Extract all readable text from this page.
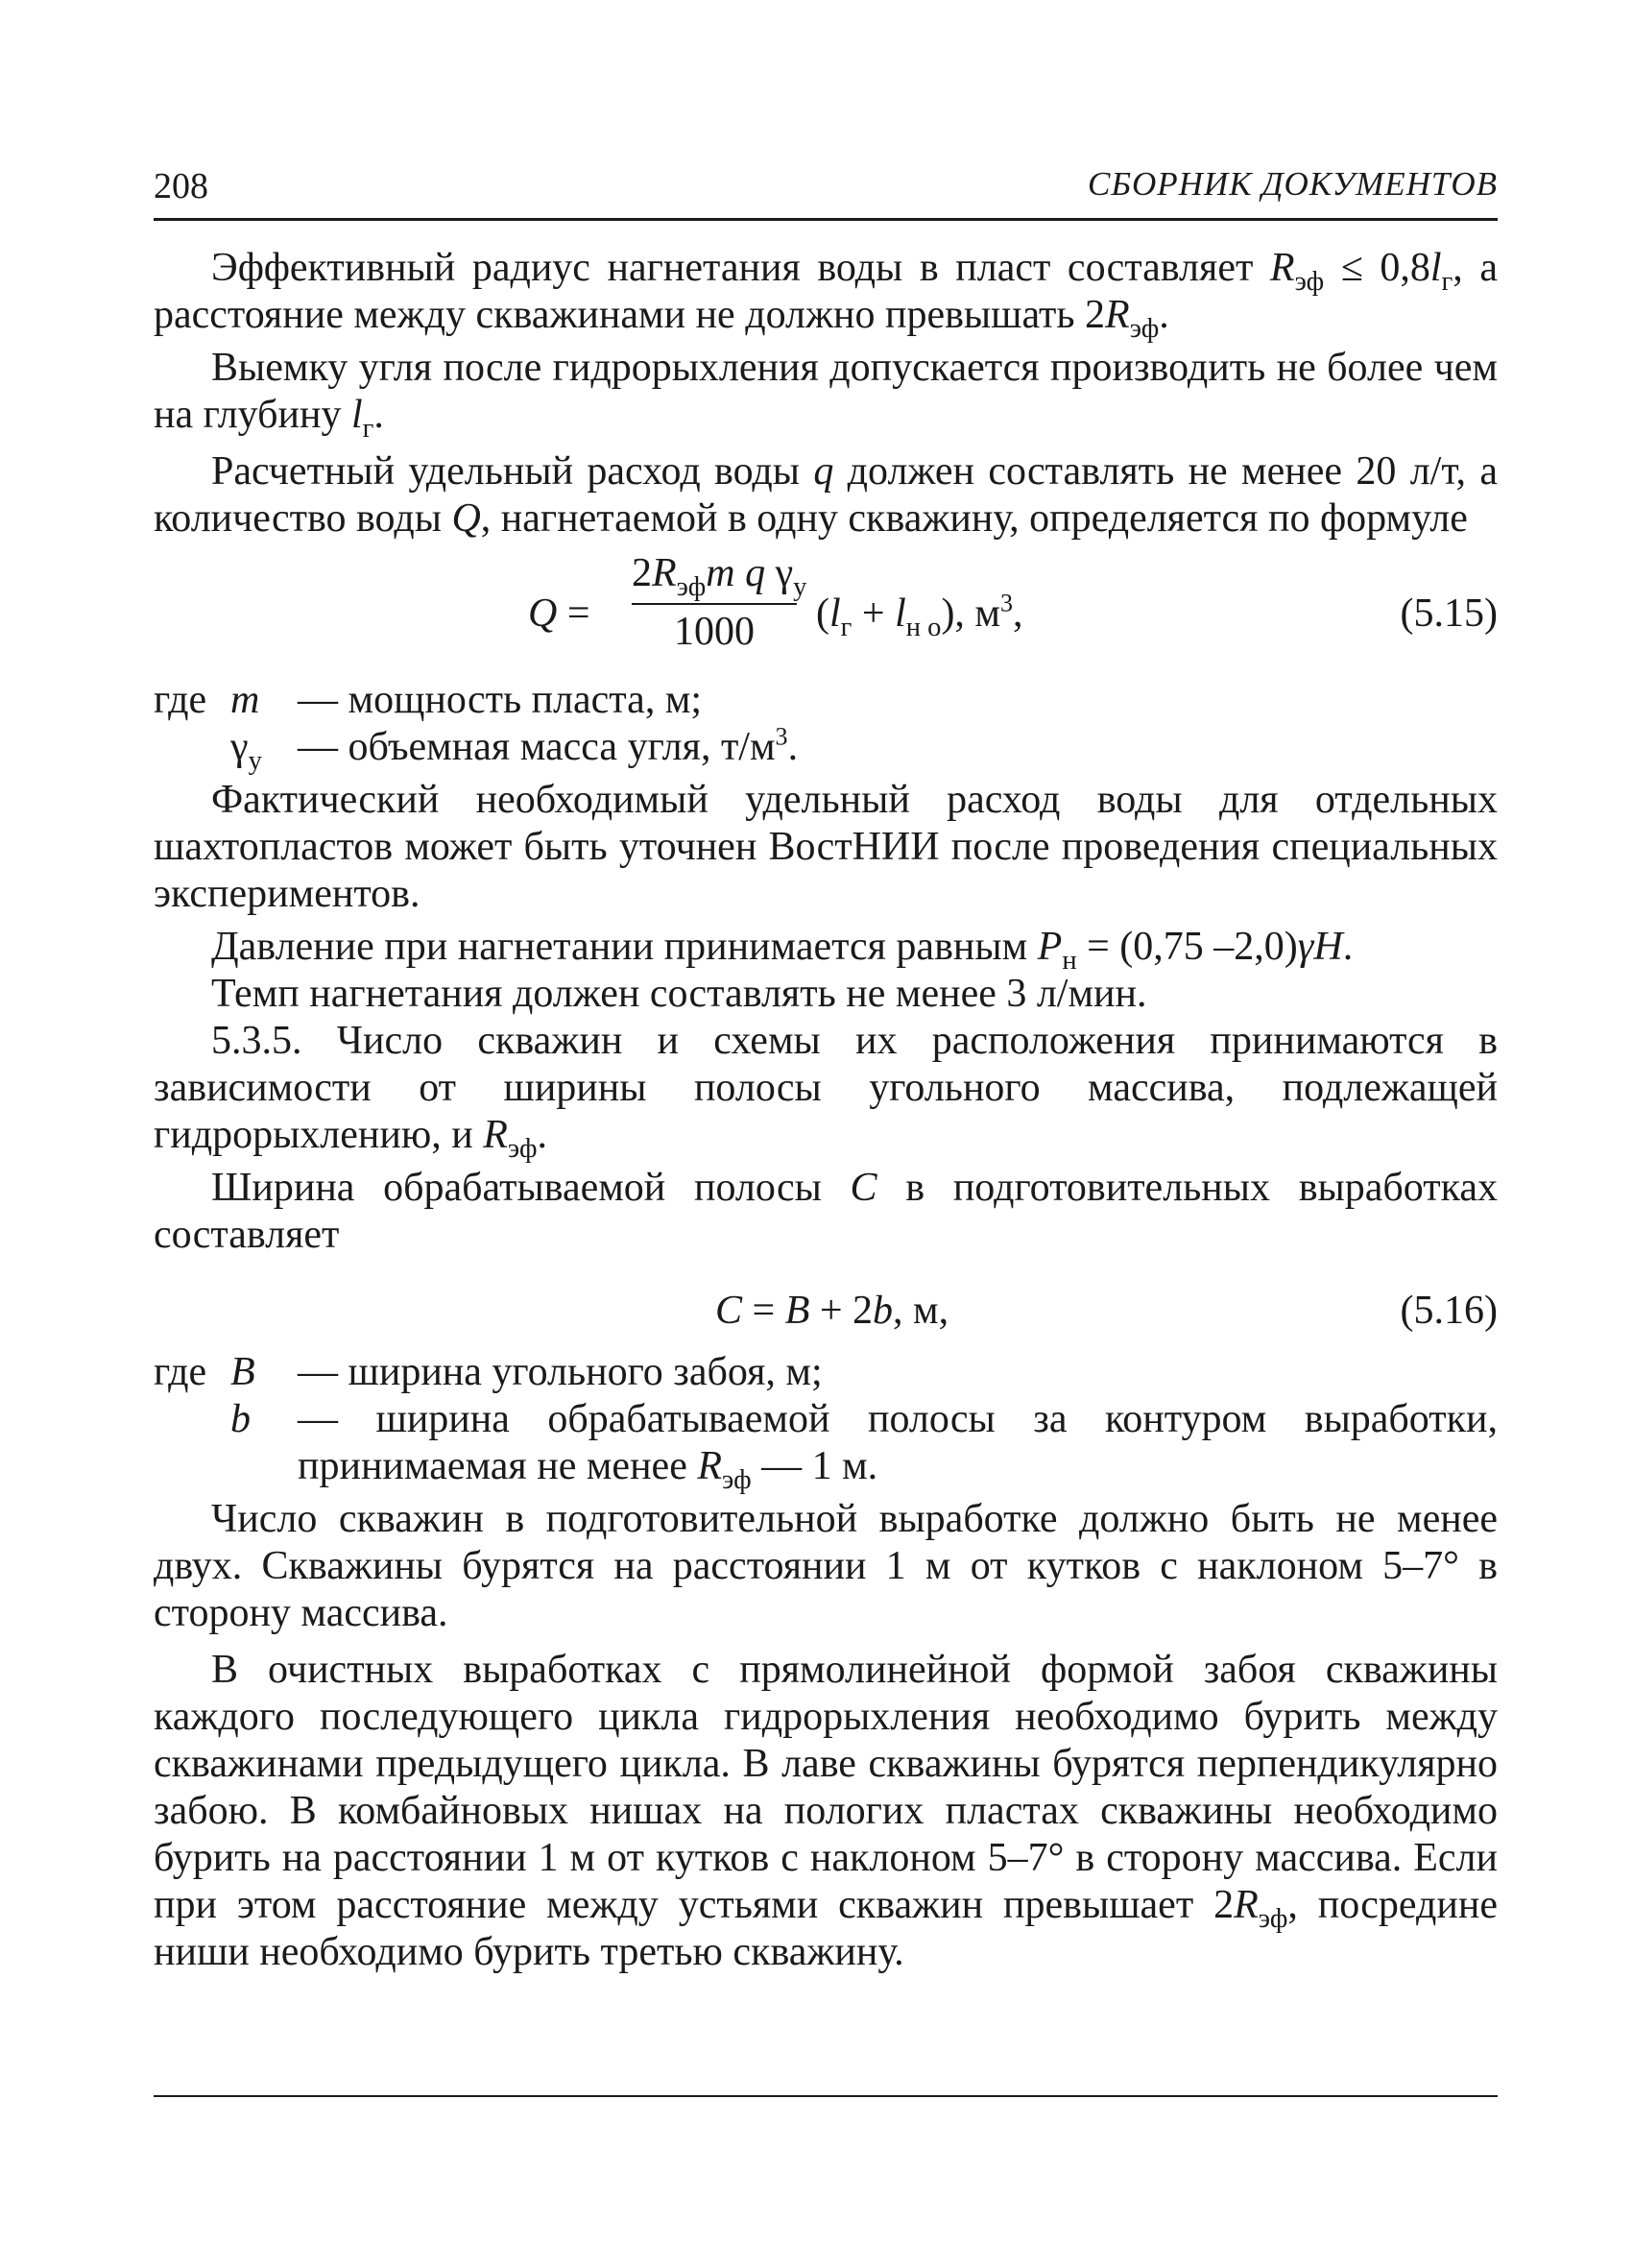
208	СБОРНИК ДОКУМЕНТОВ

Эффективный радиус нагнетания воды в пласт составляет $R_{эф} \le 0,8l_г$, а расстояние между скважинами не должно превышать $2R_{эф}$.

Выемку угля после гидрорыхления допускается производить не более чем на глубину $l_г$.

Расчетный удельный расход воды q должен составлять не менее 20 л/т, а количество воды Q, нагнетаемой в одну скважину, определяется по формуле

Q =
$2R_{эф}m$ q $\gamma_у$
1000	$(l_г + l_{н о})$, $м^3$,	(5.15)
где m — мощность пласта, м;
$\gamma_у$ — объемная масса угля, $т/м^3$.

Фактический необходимый удельный расход воды для отдельных шахтопластов может быть уточнен ВостНИИ после проведения специальных экспериментов.

Давление при нагнетании принимается равным $P_н = (0,75$ –2,0)γH.

Темп нагнетания должен составлять не менее 3 л/мин.

5.3.5. Число скважин и схемы их расположения принимаются в зависимости от ширины полосы угольного массива, подлежащей гидрорыхлению, и $R_{эф}$.

Ширина обрабатываемой полосы C в подготовительных выработках составляет

C = B + 2b, м,	(5.16)
где B — ширина угольного забоя, м;
b — ширина обрабатываемой полосы за контуром выработки, принимаемая не менее $R_{эф}$ — 1 м.

Число скважин в подготовительной выработке должно быть не менее двух. Скважины бурятся на расстоянии 1 м от кутков с наклоном 5–7° в сторону массива.

В очистных выработках с прямолинейной формой забоя скважины каждого последующего цикла гидрорыхления необходимо бурить между скважинами предыдущего цикла. В лаве скважины бурятся перпендикулярно забою. В комбайновых нишах на пологих пластах скважины необходимо бурить на расстоянии 1 м от кутков с наклоном 5–7° в сторону массива. Если при этом расстояние между устьями скважин превышает $2R_{эф}$, посредине ниши необходимо бурить третью скважину.
